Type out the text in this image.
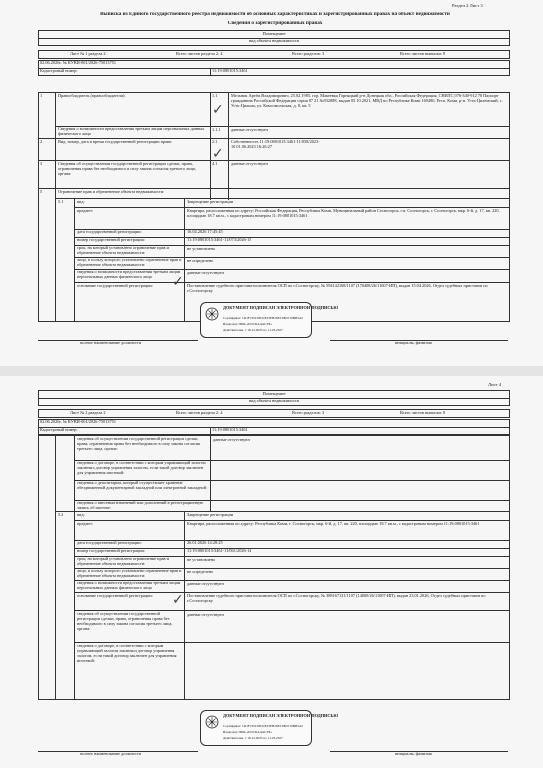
Раздел 2 Лист 3
Выписка из Единого государственного реестра недвижимости об основных характеристиках и зарегистрированных правах на объект недвижимости
Сведения о зарегистрированных правах
Помещение
вид объекта недвижимости
Лист № 1 раздела 2	Всего листов раздела 2: 4	Всего разделов: 3	Всего листов выписки: 8
02.06.2026г. № КУВИ-001/2026-75013751
Кадастровый номер:	11:19:0801015:3461
1	Правообладатель (правообладатели):	1.1	Мельник Артём Владимирович, 25.02.1985, гор. Макеевка Горняцкий р-н Донецкая обл., Российская Федерация, СНИЛС 076-340-912 78 Паспорт гражданина Российской Федерации серия 87 21 №932088, выдан 05.10.2021, МВД по Республике Коми 169480, Респ. Коми, р-н. Усть-Цилемский, с. Усть-Цильма, ул. Комсомольская, д. 8, кв. 5
✓
Сведения о возможности предоставления третьим лицам персональных данных физического лица
1.1.1 данные отсутствуют
2	Вид, номер, дата и время государственной регистрации права:	2.1	Собственность 11:19:0801015:3461-11/058/2023-10 01.06.2023 16:26:27
✓
3	Сведения об осуществлении государственной регистрации сделки, права, ограничения права без необходимого в силу закона согласия третьего лица, органа:
4.1	данные отсутствуют
5	Ограничение прав и обременение объекта недвижимости:
5.1	вид:	Запрещение регистрации
предмет:	Квартира, расположенная по адресу: Российская Федерация, Республика Коми, Муниципальный район Сосногорск, г.п. Сосногорск, г. Сосногорск, мкр. 6-й, д. 17, кв. 220, площадью 18.7 кв.м., с кадастровым номером 11:19:0801015:3461
дата государственной регистрации:	16.04.2026 17:45:45
номер государственной регистрации:	11:19:0801015:3461-11/073/2026-15
срок, на который установлено ограничение прав и обременение объекта недвижимости:
не установлено
лицо, в пользу которого установлено ограничение прав и обременение объекта недвижимости:
не определено
сведения о возможности предоставления третьим лицам персональных данных физического лица
данные отсутствуют
✓
основание государственной регистрации:	Постановление судебного пристава-исполнителя ОСП по г.Сосногорску, № 594142168/1107 (170408/26/11007-ИП), выдан 15.04.2026, Отдел судебных приставов по г.Сосногорску
ДОКУМЕНТ ПОДПИСАН ЭЛЕКТРОННОЙ ПОДПИСЬЮ
Сертификат: 1D1F720C6D32F43EB29EC6B2519BB3A5
Владелец: ППК «РОСКАДАСТР»
Действителен: с 16.12.2025 по 11.03.2027
полное наименование должности	инициалы, фамилия
Лист 4
Помещение
вид объекта недвижимости
Лист № 2 раздела 2	Всего листов раздела 2: 4	Всего разделов: 3	Всего листов выписки: 8
02.06.2026г. № КУВИ-001/2026-75013751
Кадастровый номер:	11:19:0801015:3461
сведения об осуществлении государственной регистрации сделки, права, ограничения права без необходимого в силу закона согласия третьего лица, органа:
данные отсутствуют
сведения о договоре, в соответствии с которым управляющий залогом заключил договор управления залогом, если такой договор заключен для управления ипотекой:
сведения о депозитарии, который осуществляет хранение обездвиженной документарной закладной или электронной закладной:
сведения о внесении изменений или дополнений в регистрационную запись об ипотеке:
5.2	вид:	Запрещение регистрации
предмет:	Квартира, расположенная по адресу: Республика Коми, г. Сосногорск, мкр. 6-й, д. 17, кв. 220, площадью 18.7 кв.м., с кадастровым номером 11:19:0801015:3461
дата государственной регистрации:	26.01.2026 14:28:25
номер государственной регистрации:	11:19:0801015:3461-11/061/2026-14
срок, на который установлено ограничение прав и обременение объекта недвижимости:
не установлено
лицо, в пользу которого установлено ограничение прав и обременение объекта недвижимости:
не определено
сведения о возможности предоставления третьим лицам персональных данных физического лица
данные отсутствуют
основание государственной регистрации:	Постановление судебного пристава-исполнителя ОСП по г.Сосногорску, № 388167131/1107 (14000/26/11007-ИП), выдан 23.01.2026, Отдел судебных приставов по г.Сосногорску
✓
сведения об осуществлении государственной регистрации сделки, права, ограничения права без необходимого в силу закона согласия третьего лица, органа:
данные отсутствуют
сведения о договоре, в соответствии с которым управляющий залогом заключил договор управления залогом, если такой договор заключен для управления ипотекой:
ДОКУМЕНТ ПОДПИСАН ЭЛЕКТРОННОЙ ПОДПИСЬЮ
Сертификат: 1D1F720C6D32F43EB29EC6B2519BB3A5
Владелец: ППК «РОСКАДАСТР»
Действителен: с 16.12.2025 по 11.03.2027
полное наименование должности	инициалы, фамилия
